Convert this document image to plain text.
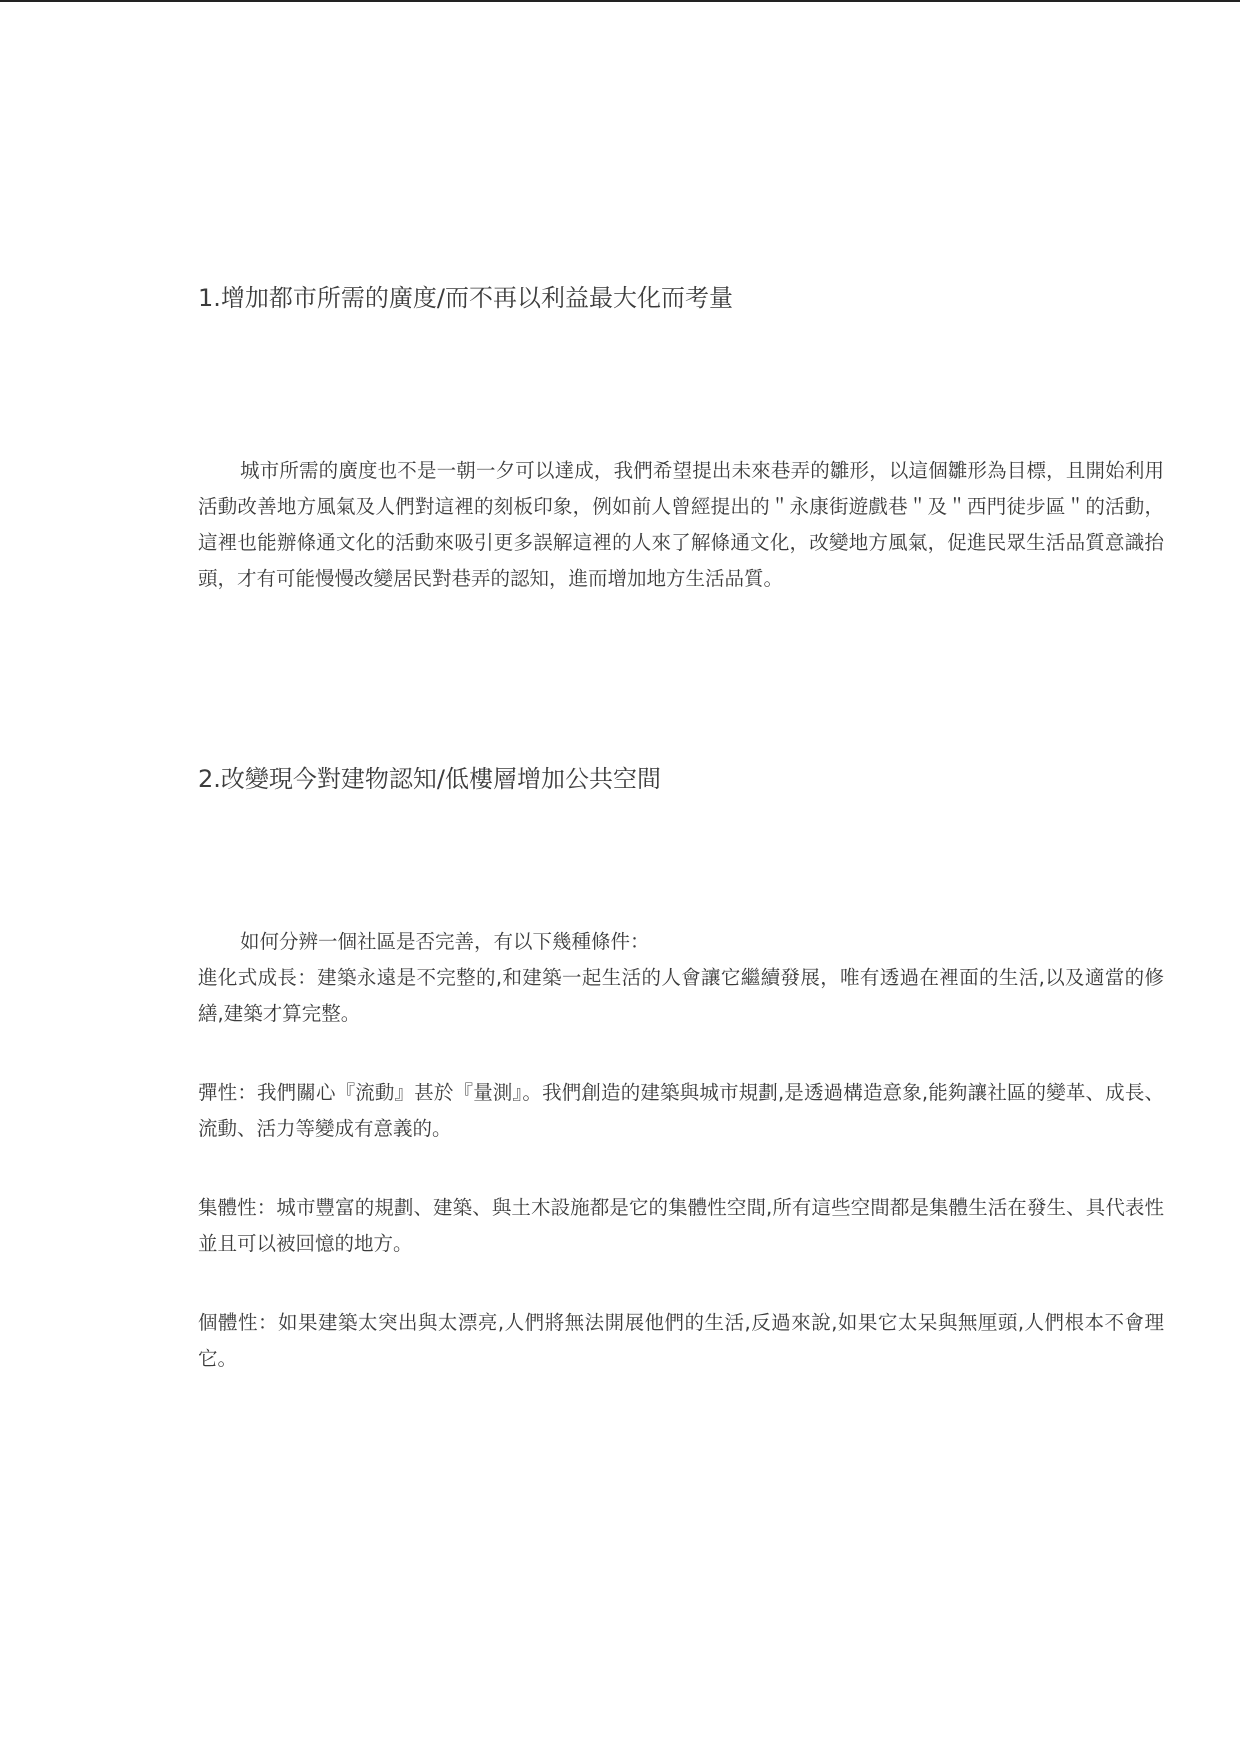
1.增加都市所需的廣度/而不再以利益最大化而考量

城市所需的廣度也不是一朝一夕可以達成，我們希望提出未來巷弄的雛形，以這個雛形為目標，且開始利用活動改善地方風氣及人們對這裡的刻板印象，例如前人曾經提出的＂永康街遊戲巷＂及＂西門徒步區＂的活動，這裡也能辦條通文化的活動來吸引更多誤解這裡的人來了解條通文化，改變地方風氣，促進民眾生活品質意識抬頭，才有可能慢慢改變居民對巷弄的認知，進而增加地方生活品質。

2.改變現今對建物認知/低樓層增加公共空間

如何分辨一個社區是否完善，有以下幾種條件：

進化式成長：建築永遠是不完整的,和建築一起生活的人會讓它繼續發展，唯有透過在裡面的生活,以及適當的修繕,建築才算完整。

彈性：我們關心『流動』甚於『量測』。我們創造的建築與城市規劃,是透過構造意象,能夠讓社區的變革、成長、流動、活力等變成有意義的。

集體性：城市豐富的規劃、建築、與土木設施都是它的集體性空間,所有這些空間都是集體生活在發生、具代表性並且可以被回憶的地方。

個體性：如果建築太突出與太漂亮,人們將無法開展他們的生活,反過來說,如果它太呆與無厘頭,人們根本不會理它。
